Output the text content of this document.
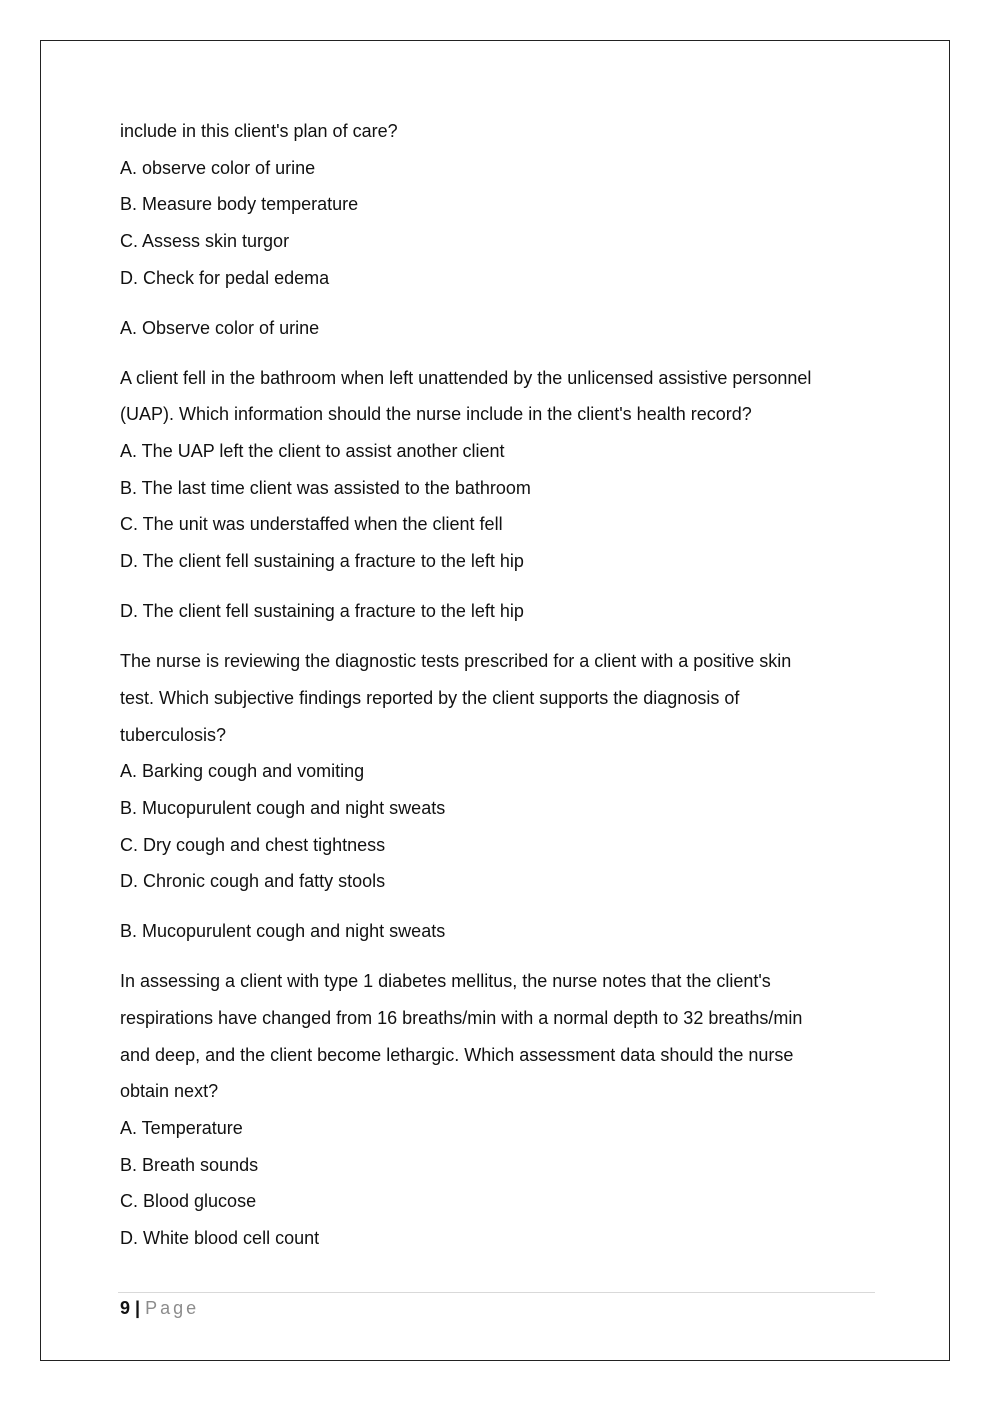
include in this client's plan of care?
A. observe color of urine
B. Measure body temperature
C. Assess skin turgor
D. Check for pedal edema
A. Observe color of urine
A client fell in the bathroom when left unattended by the unlicensed assistive personnel
(UAP). Which information should the nurse include in the client's health record?
A. The UAP left the client to assist another client
B. The last time client was assisted to the bathroom
C. The unit was understaffed when the client fell
D. The client fell sustaining a fracture to the left hip
D. The client fell sustaining a fracture to the left hip
The nurse is reviewing the diagnostic tests prescribed for a client with a positive skin
test. Which subjective findings reported by the client supports the diagnosis of
tuberculosis?
A. Barking cough and vomiting
B. Mucopurulent cough and night sweats
C. Dry cough and chest tightness
D. Chronic cough and fatty stools
B. Mucopurulent cough and night sweats
In assessing a client with type 1 diabetes mellitus, the nurse notes that the client's
respirations have changed from 16 breaths/min with a normal depth to 32 breaths/min
and deep, and the client become lethargic. Which assessment data should the nurse
obtain next?
A. Temperature
B. Breath sounds
C. Blood glucose
D. White blood cell count
9 | Page
